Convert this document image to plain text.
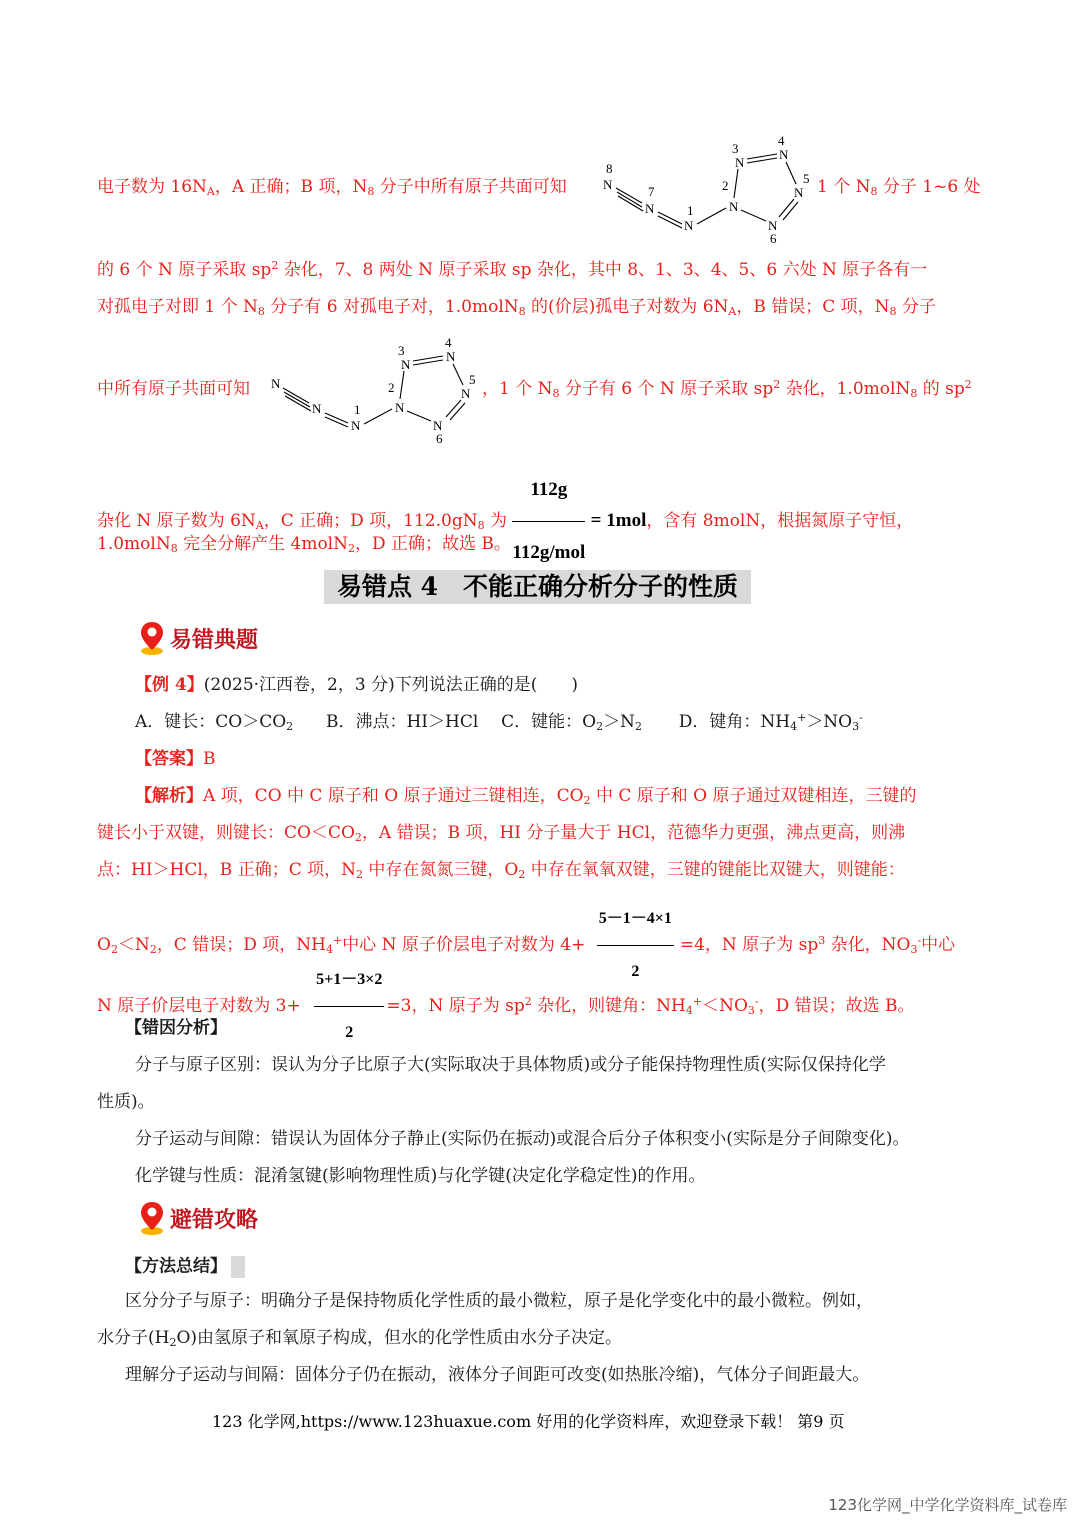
电子数为 $16N_A$，A 正确；B 项，$N_8$ 分子中所有原子共面可知	1 个 $N_8$ 分子 1~6 处
8
N	7
N	1
N
2
N
3
N
4
N
5
N
N
6
的 6 个 N 原子采取 $sp^2$ 杂化，7、8 两处 N 原子采取 sp 杂化，其中 8、1、3、4、5、6 六处 N 原子各有一
对孤电子对即 1 个 $N_8$ 分子有 6 对孤电子对，1.0molN$_8$ 的(价层)孤电子对数为 $6N_A$，B 错误；C 项，$N_8$ 分子
中所有原子共面可知 N
N	1
N
2
N
3
N
4
N
5
N
N
6
，1 个 $N_8$ 分子有 6 个 N 原子采取 $sp^2$ 杂化，1.0molN$_8$ 的 $sp^2$
杂化 N 原子数为 $6N_A$，C 正确；D 项，$112.0gN_8$ 为 $\frac{112g}{\text{112g/mol}} = 1mol$，含有 8molN，根据氮原子守恒，
1.0molN$_8$ 完全分解产生 4molN$_2$，D 正确；故选 B。
易错点 4　不能正确分析分子的性质
易错典题
【例 4】(2025·江西卷，2，3 分)下列说法正确的是(　　)
A．键长：$CO>CO_2$ B．沸点：HI＞HCl C．键能：$O_2>N_2$ D．键角：$NH_4^+>NO_3^-$
【答案】B
【解析】A 项，CO 中 C 原子和 O 原子通过三键相连，$CO_2$ 中 C 原子和 O 原子通过双键相连，三键的
键长小于双键，则键长：$CO<CO_2$，A 错误；B 项，HI 分子量大于 HCl，范德华力更强，沸点更高，则沸
点：HI＞HCl，B 正确；C 项，$N_2$ 中存在氮氮三键，$O_2$ 中存在氧氧双键，三键的键能比双键大，则键能：
$O_2<N_2$，C 错误；D 项，$NH_4^+$中心 N 原子价层电子对数为 $4+ \frac{5-1-4\times 1}{2} =4$，N 原子为 $sp^3$ 杂化，$NO_3^-$中心
N 原子价层电子对数为 $3+ \frac{5+1-3\times 2}{2} =3$，N 原子为 $sp^2$ 杂化，则键角：$NH_4^+<NO_3^-$，D 错误；故选 B。
【错因分析】
分子与原子区别：误认为分子比原子大(实际取决于具体物质)或分子能保持物理性质(实际仅保持化学
性质)。
分子运动与间隙：错误认为固体分子静止(实际仍在振动)或混合后分子体积变小(实际是分子间隙变化)。
化学键与性质：混淆氢键(影响物理性质)与化学键(决定化学稳定性)的作用。
避错攻略
【方法总结】
区分分子与原子：明确分子是保持物质化学性质的最小微粒，原子是化学变化中的最小微粒。例如，
水分子$(H_2O)$由氢原子和氧原子构成，但水的化学性质由水分子决定。
理解分子运动与间隔：固体分子仍在振动，液体分子间距可改变(如热胀冷缩)，气体分子间距最大。
123 化学网,https://www.123huaxue.com 好用的化学资料库，欢迎登录下载！ 第9 页
123化学网_中学化学资料库_试卷库
